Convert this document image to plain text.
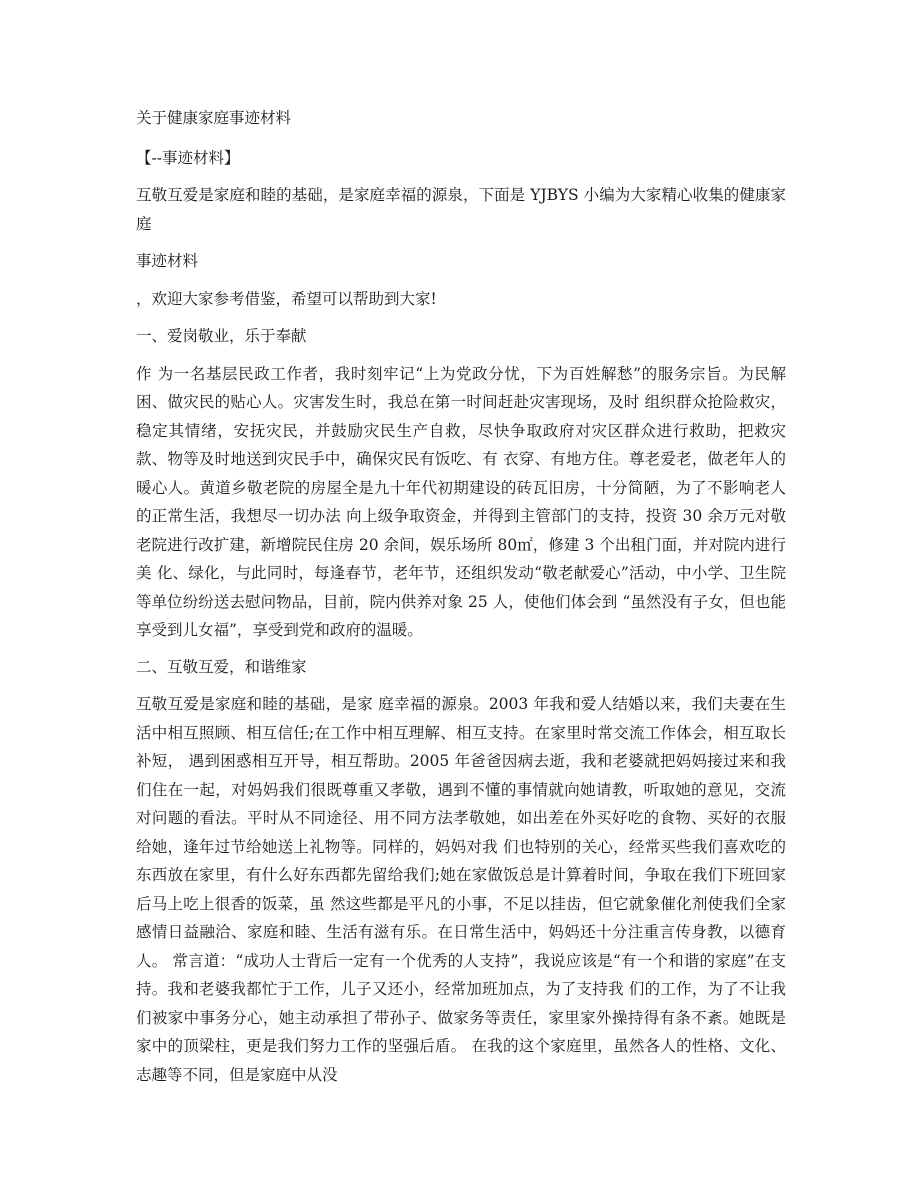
关于健康家庭事迹材料

【--事迹材料】

互敬互爱是家庭和睦的基础，是家庭幸福的源泉，下面是 YJBYS 小编为大家精心收集的健康家庭

事迹材料

，欢迎大家参考借鉴，希望可以帮助到大家!

一、爱岗敬业，乐于奉献

作 为一名基层民政工作者，我时刻牢记“上为党政分忧，下为百姓解愁”的服务宗旨。为民解困、做灾民的贴心人。灾害发生时，我总在第一时间赶赴灾害现场，及时 组织群众抢险救灾，稳定其情绪，安抚灾民，并鼓励灾民生产自救，尽快争取政府对灾区群众进行救助，把救灾款、物等及时地送到灾民手中，确保灾民有饭吃、有 衣穿、有地方住。尊老爱老，做老年人的暖心人。黄道乡敬老院的房屋全是九十年代初期建设的砖瓦旧房，十分简陋，为了不影响老人的正常生活，我想尽一切办法 向上级争取资金，并得到主管部门的支持，投资 30 余万元对敬老院进行改扩建，新增院民住房 20 余间，娱乐场所 80㎡，修建 3 个出租门面，并对院内进行美 化、绿化，与此同时，每逢春节，老年节，还组织发动“敬老献爱心”活动，中小学、卫生院等单位纷纷送去慰问物品，目前，院内供养对象 25 人，使他们体会到 “虽然没有子女，但也能享受到儿女福”，享受到党和政府的温暖。

二、互敬互爱，和谐维家

互敬互爱是家庭和睦的基础，是家 庭幸福的源泉。2003 年我和爱人结婚以来，我们夫妻在生活中相互照顾、相互信任;在工作中相互理解、相互支持。在家里时常交流工作体会，相互取长补短， 遇到困惑相互开导，相互帮助。2005 年爸爸因病去逝，我和老婆就把妈妈接过来和我们住在一起，对妈妈我们很既尊重又孝敬，遇到不懂的事情就向她请教，听取她的意见，交流对问题的看法。平时从不同途径、用不同方法孝敬她，如出差在外买好吃的食物、买好的衣服给她，逢年过节给她送上礼物等。同样的，妈妈对我 们也特别的关心，经常买些我们喜欢吃的东西放在家里，有什么好东西都先留给我们;她在家做饭总是计算着时间，争取在我们下班回家后马上吃上很香的饭菜，虽 然这些都是平凡的小事，不足以挂齿，但它就象催化剂使我们全家感情日益融洽、家庭和睦、生活有滋有乐。在日常生活中，妈妈还十分注重言传身教，以德育人。 常言道：“成功人士背后一定有一个优秀的人支持”，我说应该是“有一个和谐的家庭”在支持。我和老婆我都忙于工作，儿子又还小，经常加班加点，为了支持我 们的工作，为了不让我们被家中事务分心，她主动承担了带孙子、做家务等责任，家里家外操持得有条不紊。她既是家中的顶梁柱，更是我们努力工作的坚强后盾。 在我的这个家庭里，虽然各人的性格、文化、志趣等不同，但是家庭中从没
